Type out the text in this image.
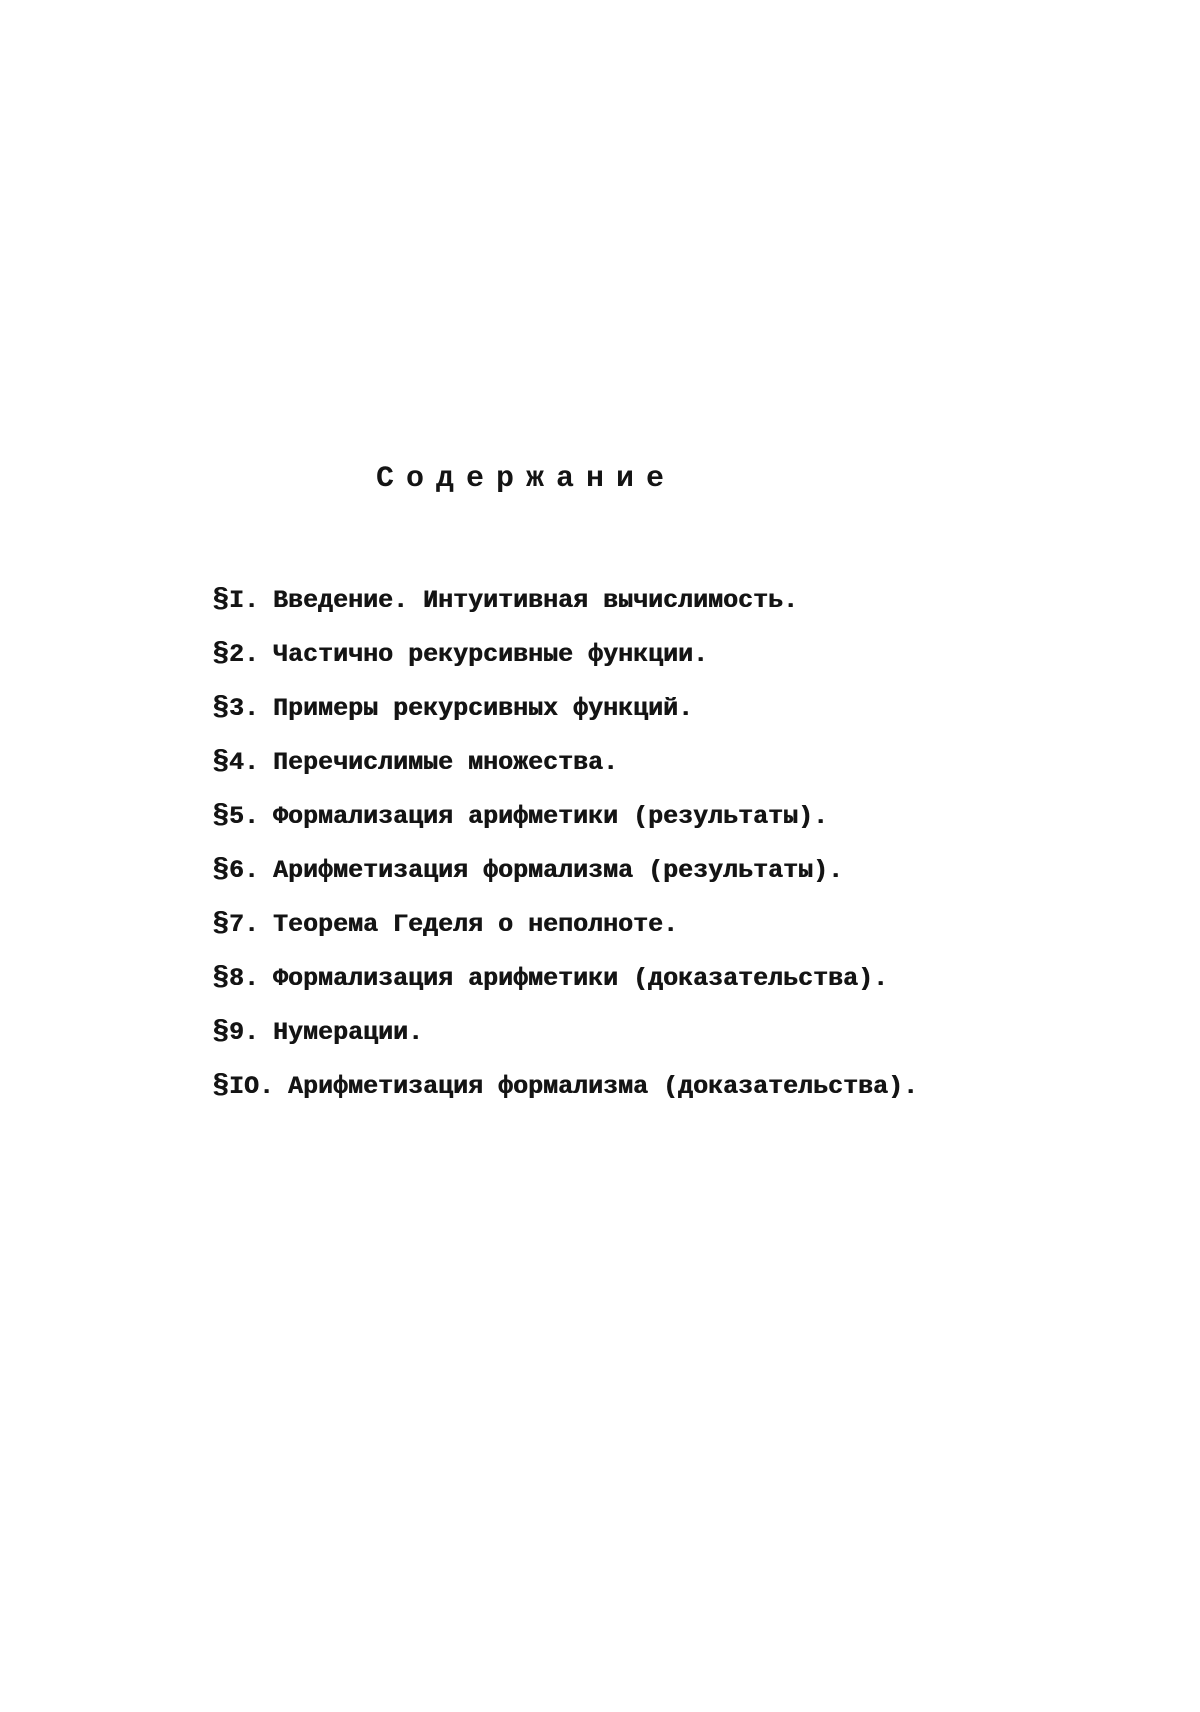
Содержание
§I. Введение. Интуитивная вычислимость.
§2. Частично рекурсивные функции.
§3. Примеры рекурсивных функций.
§4. Перечислимые множества.
§5. Формализация арифметики (результаты).
§6. Арифметизация формализма (результаты).
§7. Теорема Геделя о неполноте.
§8. Формализация арифметики (доказательства).
§9. Нумерации.
§IO. Арифметизация формализма (доказательства).
